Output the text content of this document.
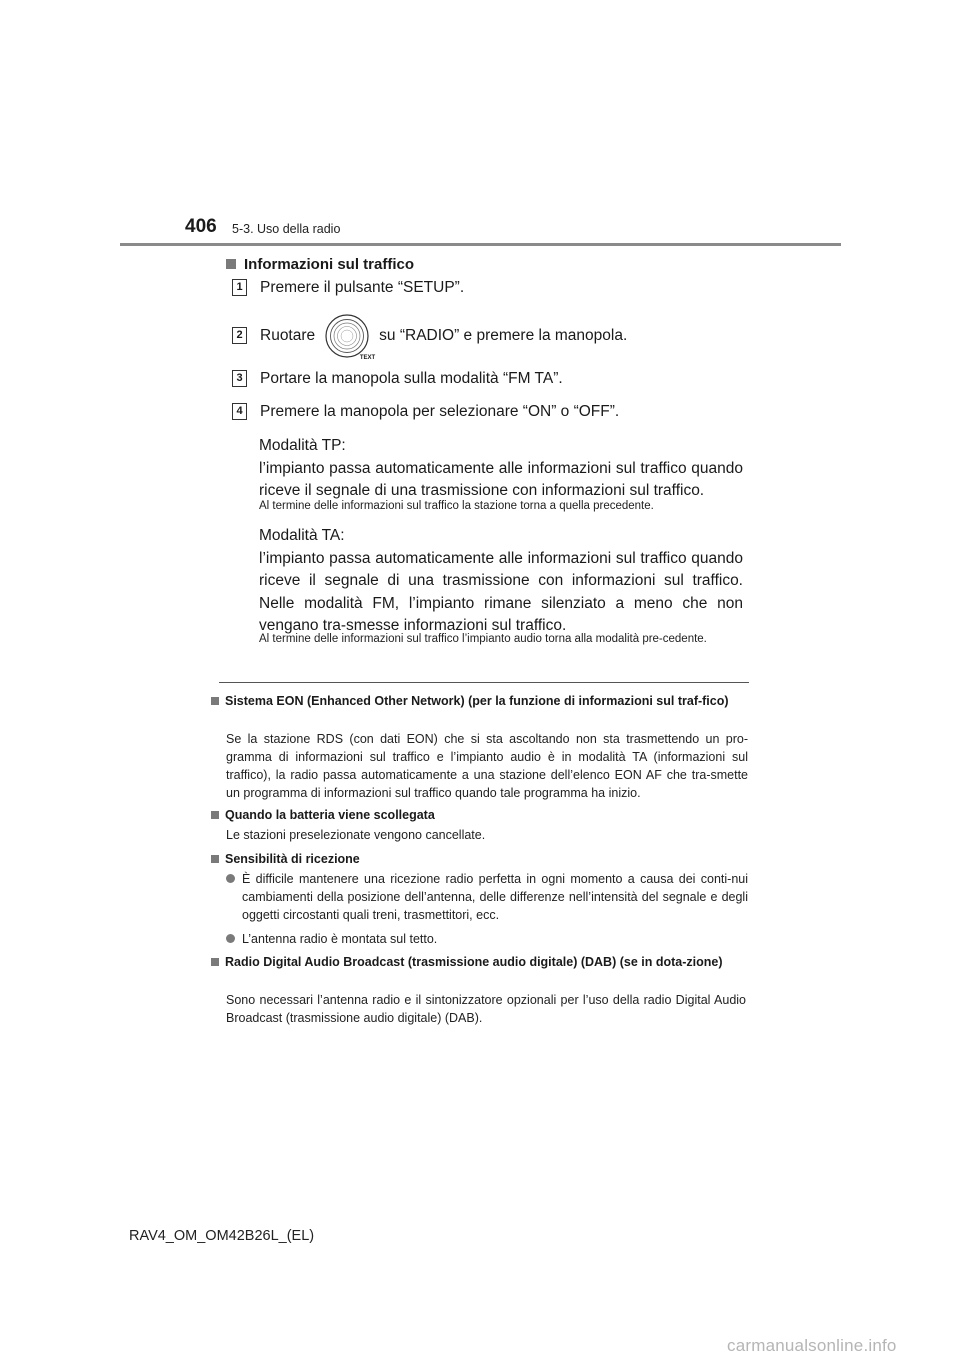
406 5-3. Uso della radio
Informazioni sul traffico
1 Premere il pulsante “SETUP”.
2 Ruotare
TEXT
su “RADIO” e premere la manopola.
3 Portare la manopola sulla modalità “FM TA”.
4 Premere la manopola per selezionare “ON” o “OFF”.
Modalità TP:
l’impianto passa automaticamente alle informazioni sul traffico quando riceve il segnale di una trasmissione con informazioni sul traffico.
Al termine delle informazioni sul traffico la stazione torna a quella precedente.
Modalità TA:
l’impianto passa automaticamente alle informazioni sul traffico quando riceve il segnale di una trasmissione con informazioni sul traffico. Nelle modalità FM, l’impianto rimane silenziato a meno che non vengano tra-smesse informazioni sul traffico.
Al termine delle informazioni sul traffico l’impianto audio torna alla modalità pre-cedente.
Sistema EON (Enhanced Other Network) (per la funzione di informazioni sul traf-fico)
Se la stazione RDS (con dati EON) che si sta ascoltando non sta trasmettendo un pro-gramma di informazioni sul traffico e l’impianto audio è in modalità TA (informazioni sul traffico), la radio passa automaticamente a una stazione dell’elenco EON AF che tra-smette un programma di informazioni sul traffico quando tale programma ha inizio.
Quando la batteria viene scollegata
Le stazioni preselezionate vengono cancellate.
Sensibilità di ricezione
È difficile mantenere una ricezione radio perfetta in ogni momento a causa dei conti-nui cambiamenti della posizione dell’antenna, delle differenze nell’intensità del segnale e degli oggetti circostanti quali treni, trasmettitori, ecc.
L’antenna radio è montata sul tetto.
Radio Digital Audio Broadcast (trasmissione audio digitale) (DAB) (se in dota-zione)
Sono necessari l’antenna radio e il sintonizzatore opzionali per l’uso della radio Digital Audio Broadcast (trasmissione audio digitale) (DAB).
RAV4_OM_OM42B26L_(EL)
carmanualsonline.info
